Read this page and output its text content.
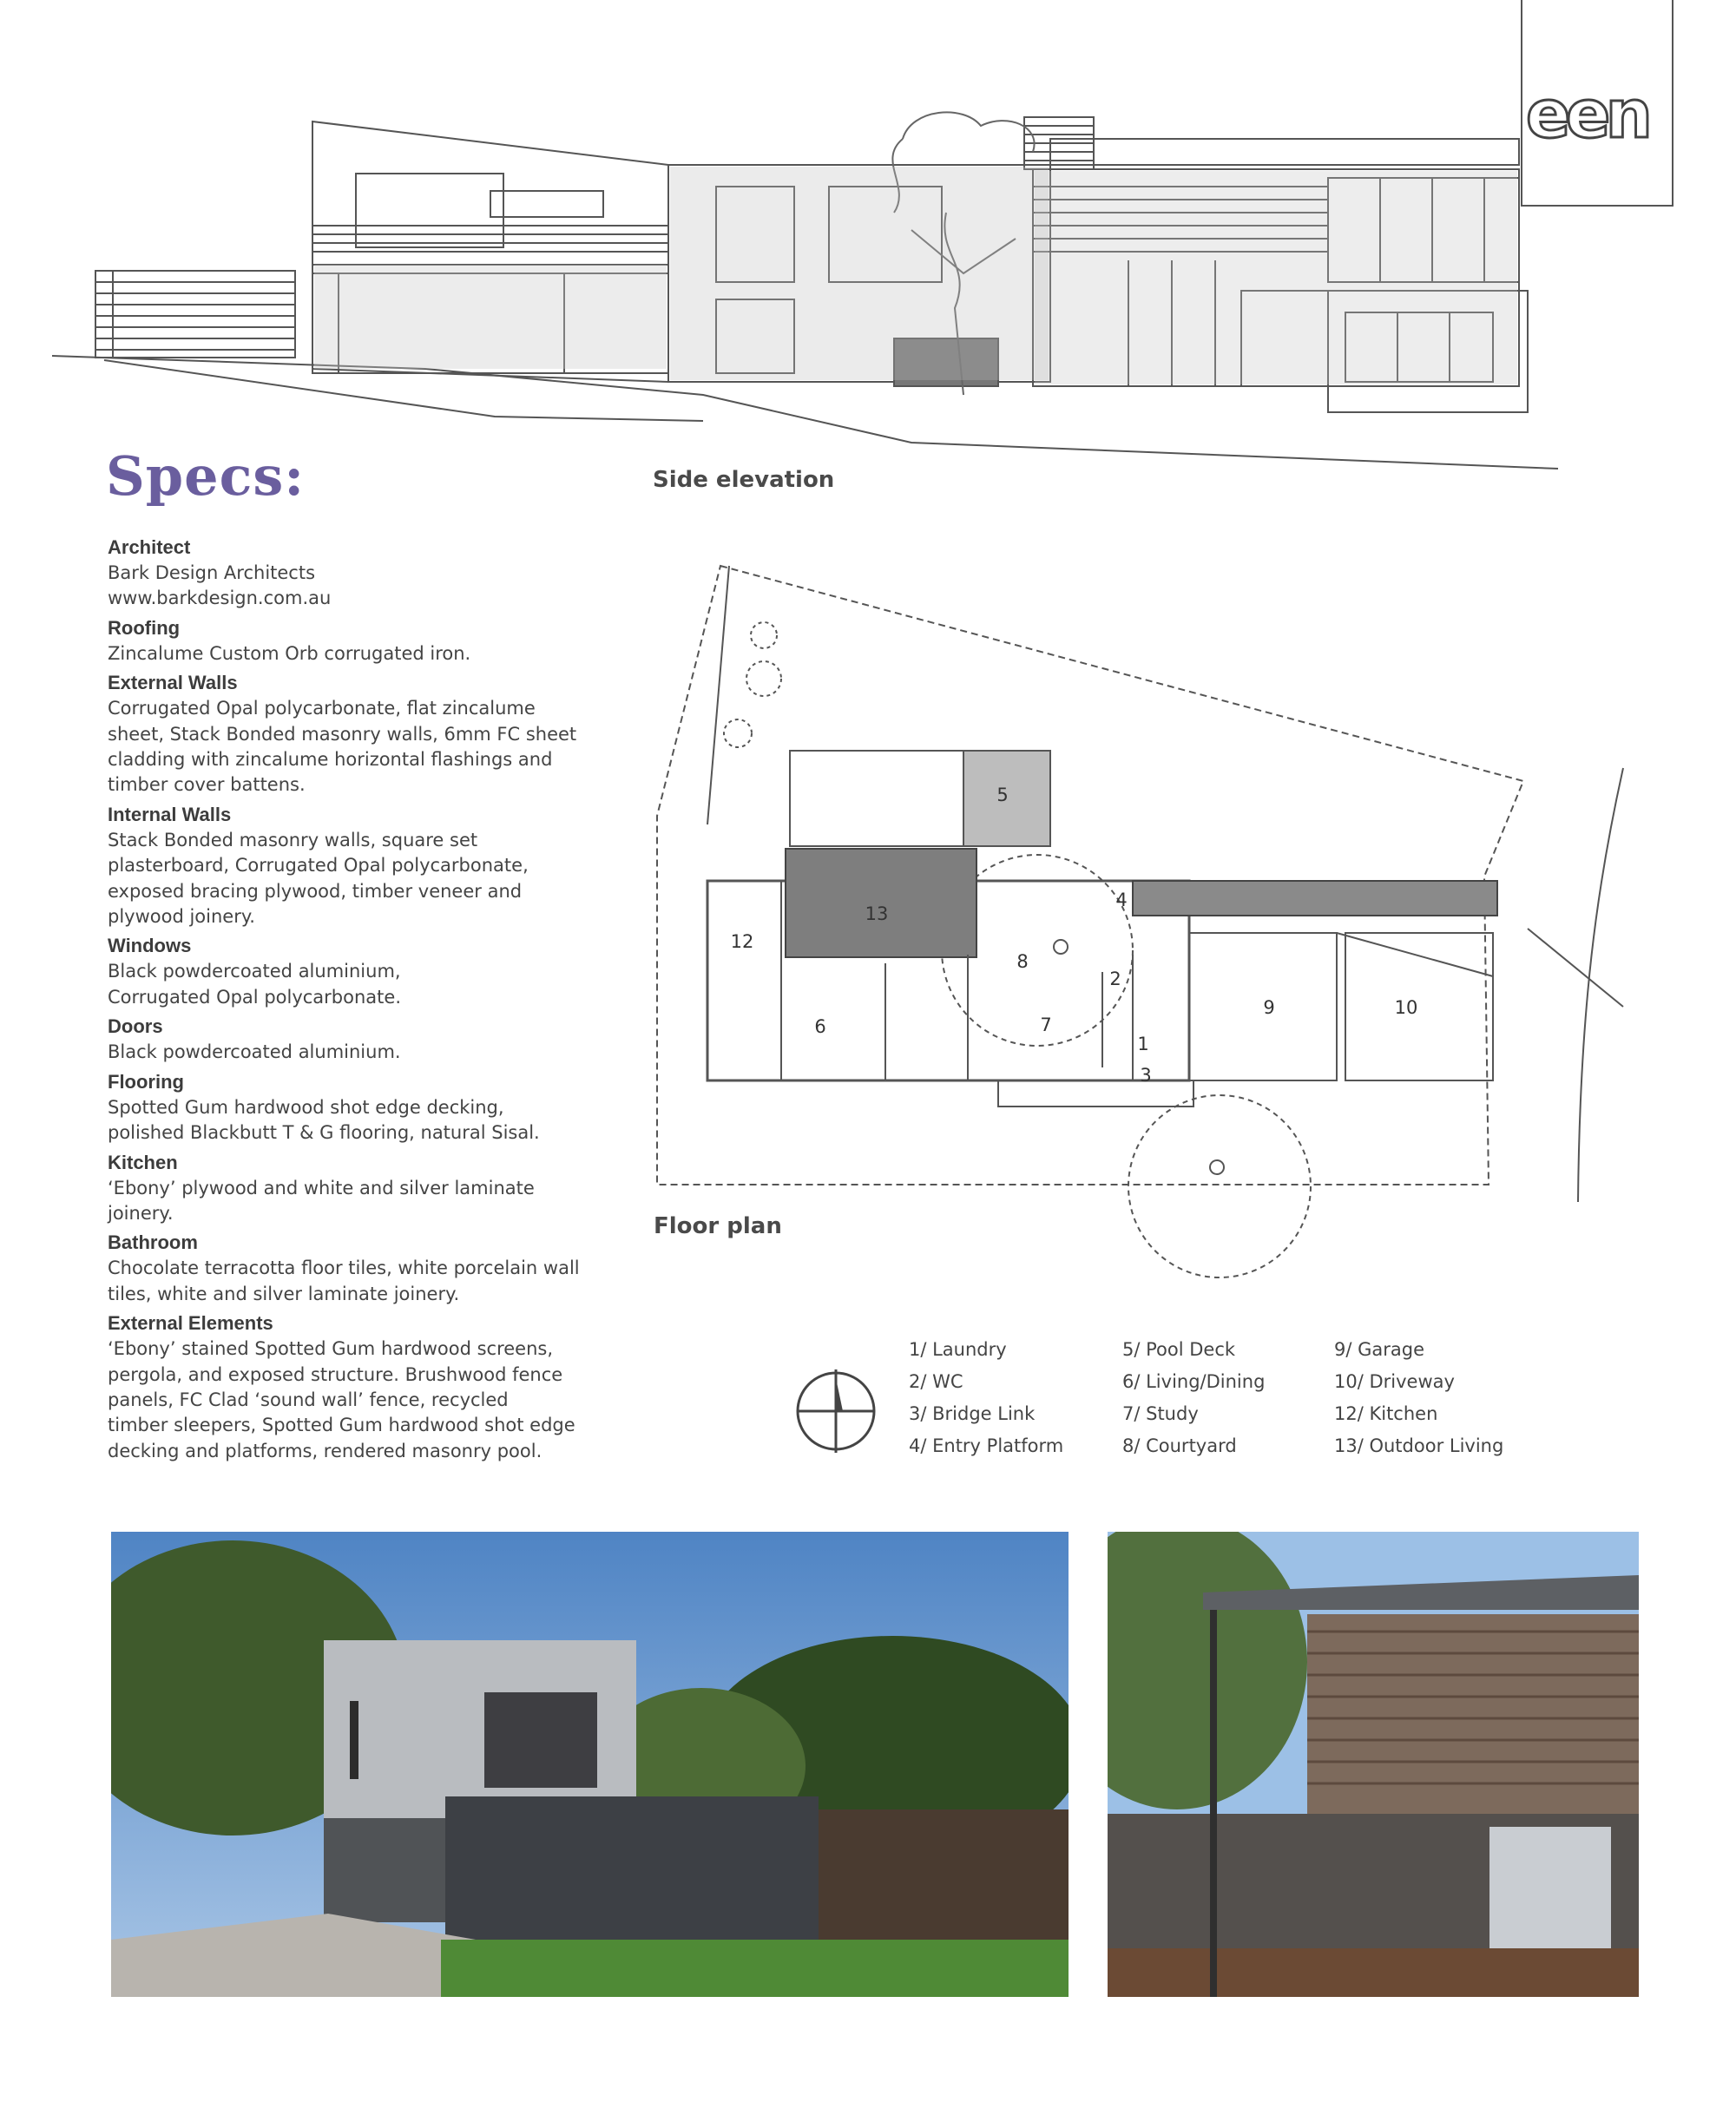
een
Side elevation
Specs:
Architect
Bark Design Architects
www.barkdesign.com.au
Roofing
Zincalume Custom Orb corrugated iron.
External Walls
Corrugated Opal polycarbonate, flat zincalume
sheet, Stack Bonded masonry walls, 6mm FC sheet
cladding with zincalume horizontal flashings and
timber cover battens.
Internal Walls
Stack Bonded masonry walls, square set
plasterboard, Corrugated Opal polycarbonate,
exposed bracing plywood, timber veneer and
plywood joinery.
Windows
Black powdercoated aluminium,
Corrugated Opal polycarbonate.
Doors
Black powdercoated aluminium.
Flooring
Spotted Gum hardwood shot edge decking,
polished Blackbutt T & G flooring, natural Sisal.
Kitchen
‘Ebony’ plywood and white and silver laminate
joinery.
Bathroom
Chocolate terracotta floor tiles, white porcelain wall
tiles, white and silver laminate joinery.
External Elements
‘Ebony’ stained Spotted Gum hardwood screens,
pergola, and exposed structure. Brushwood fence
panels, FC Clad ‘sound wall’ fence, recycled
timber sleepers, Spotted Gum hardwood shot edge
decking and platforms, rendered masonry pool.
1
2
3
4
5
6	7
8
9	10
12
13
Floor plan
1/ Laundry
2/ WC
3/ Bridge Link
4/ Entry Platform
5/ Pool Deck
6/ Living/Dining
7/ Study
8/ Courtyard
9/ Garage
10/ Driveway
12/ Kitchen
13/ Outdoor Living
